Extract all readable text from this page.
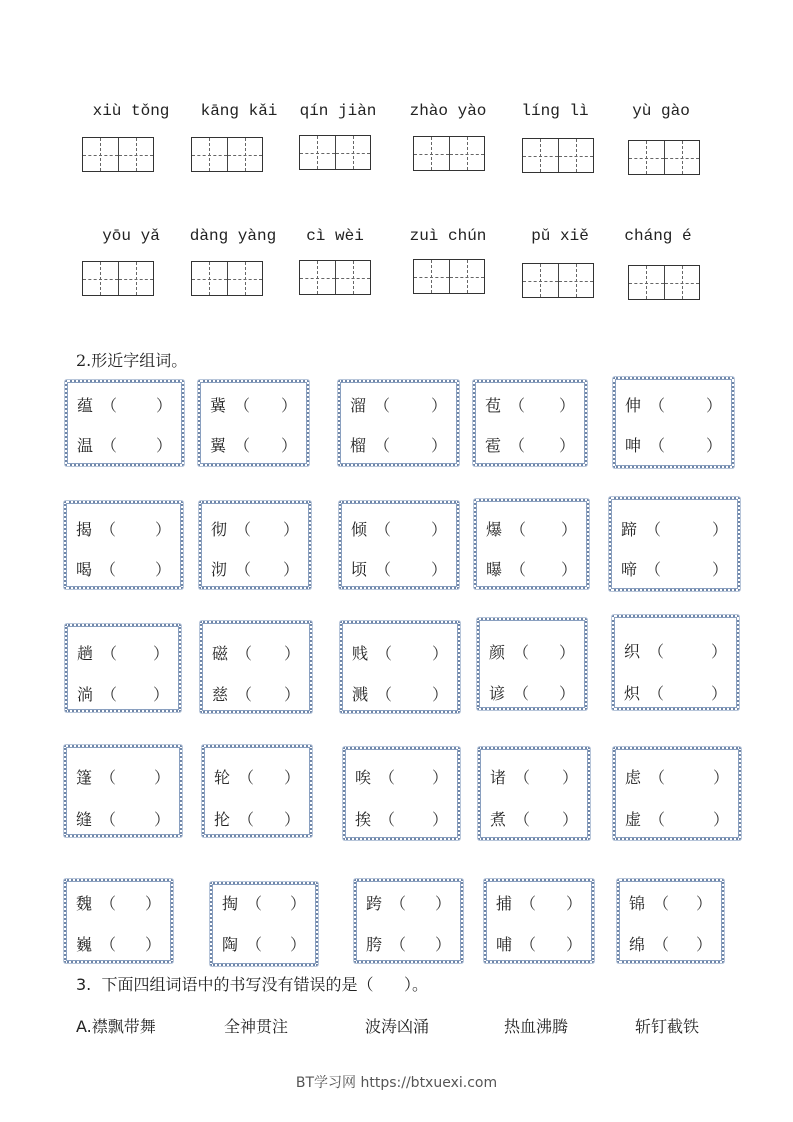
xiù tǒng	kāng kǎi	qín jiàn	zhào yào	líng lì	yù gào
yōu yǎ	dàng yàng	cì wèi	zuì chún	pǔ xiě	cháng é
2.形近字组词。
蕴 （ ）
温 （ ）
冀 （ ）
翼 （ ）
溜 （	）
榴 （	）
苞 （ ）
雹 （ ）
伸 （	）
呻 （	）
揭 （ ）
喝 （ ）
彻 （ ）
沏 （ ）
倾 （ ）
顷 （ ）
爆 （ ）
曝 （ ）
蹄 （	）
啼 （	）
趟 （ ）
淌 （ ）
磁 （ ）
慈 （ ）
贱 （ ）
溅 （ ）
颜 （ ）
谚 （ ）
织 （	）
炽 （	）
篷 （ ）
缝 （ ）
轮 （ ）
抡 （ ）
唉 （ ）
挨 （ ）
诸 （ ）
煮 （ ）
虑 （	）
虚 （	）
魏 （ ）
巍 （ ）
掏 （ ）
陶 （ ）
跨 （ ）
胯 （ ）
捕 （ ）
哺 （ ）
锦 （ ）
绵 （ ）
3.  下面四组词语中的书写没有错误的是（      ）。
A.襟飘带舞	全神贯注	波涛凶涌	热血沸腾	斩钉截铁
BT学习网 https://btxuexi.com
